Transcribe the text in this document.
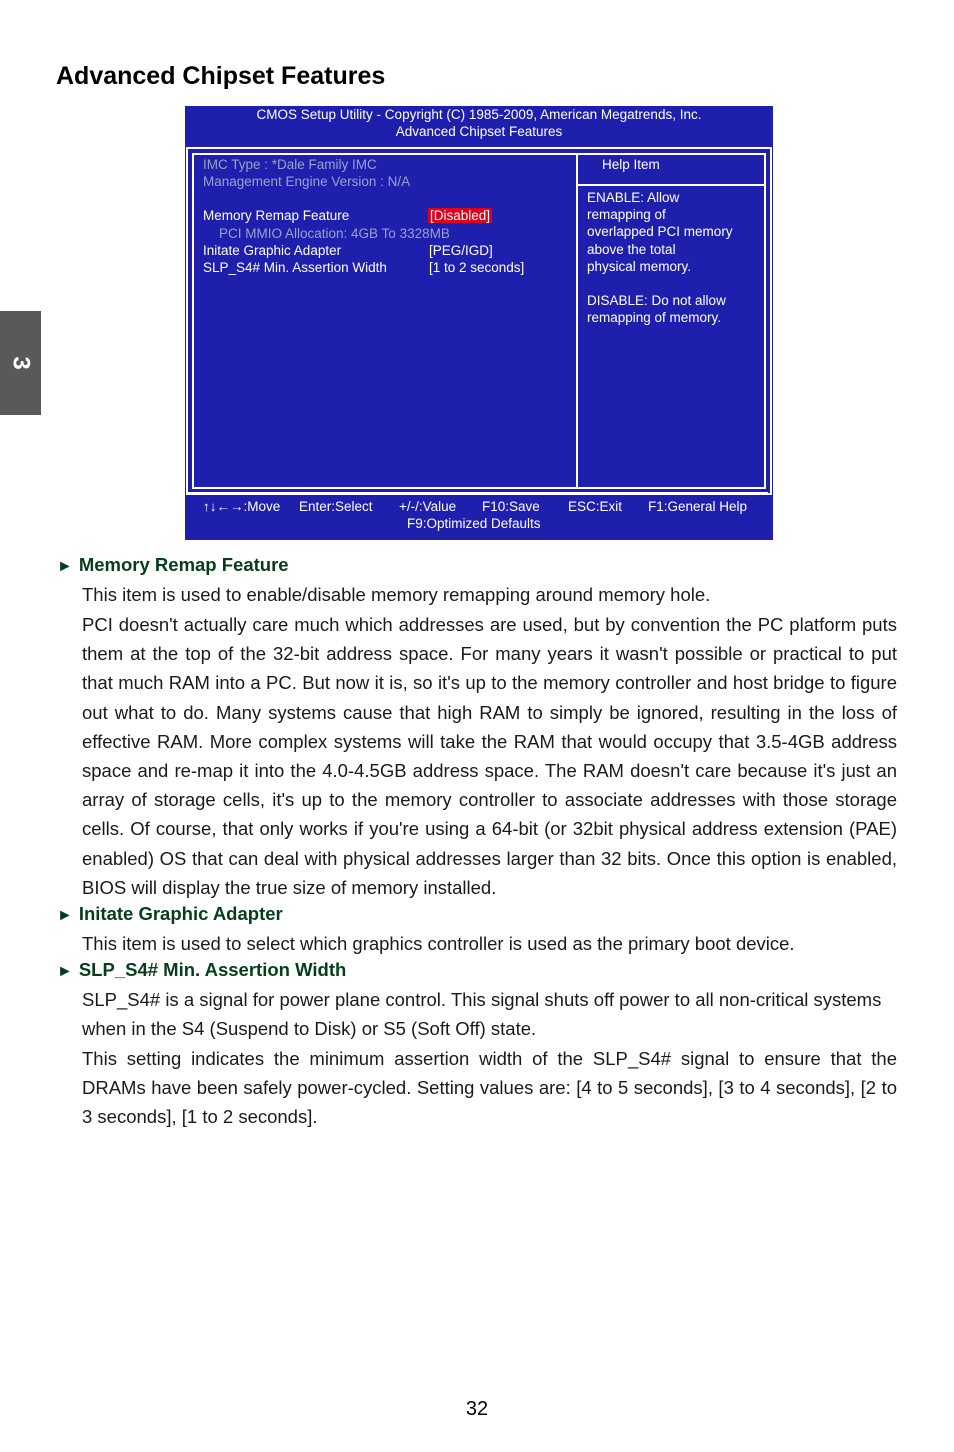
3
Advanced Chipset Features
CMOS Setup Utility - Copyright (C) 1985-2009, American Megatrends, Inc.
Advanced Chipset Features
IMC Type : *Dale Family IMC
Management Engine Version : N/A
Memory Remap Feature	[Disabled]
PCI MMIO Allocation: 4GB To 3328MB
Initate Graphic Adapter	[PEG/IGD]
SLP_S4# Min. Assertion Width	[1 to 2 seconds]
Help Item
ENABLE: Allow
remapping of
overlapped PCI memory
above the total
physical memory.

DISABLE: Do not allow
remapping of memory.
↑↓←→:Move Enter:Select +/-/:Value F10:Save ESC:Exit F1:General Help
F9:Optimized Defaults
► Memory Remap Feature
This item is used to enable/disable memory remapping around memory hole.
PCI doesn't actually care much which addresses are used, but by convention the PC platform puts them at the top of the 32-bit address space. For many years it wasn't possible or practical to put that much RAM into a PC. But now it is, so it's up to the memory controller and host bridge to figure out what to do. Many systems cause that high RAM to simply be ignored, resulting in the loss of effective RAM. More complex systems will take the RAM that would occupy that 3.5-4GB address space and re-map it into the 4.0-4.5GB address space. The RAM doesn't care because it's just an array of storage cells, it's up to the memory controller to associate addresses with those storage cells. Of course, that only works if you're using a 64-bit (or 32bit physical address extension (PAE) enabled) OS that can deal with physical addresses larger than 32 bits. Once this option is enabled, BIOS will display the true size of memory installed.
► Initate Graphic Adapter
This item is used to select which graphics controller is used as the primary boot device.
► SLP_S4# Min. Assertion Width
SLP_S4# is a signal for power plane control. This signal shuts off power to all non-critical systems when in the S4 (Suspend to Disk) or S5 (Soft Off) state.
This setting indicates the minimum assertion width of the SLP_S4# signal to ensure that the DRAMs have been safely power-cycled. Setting values are: [4 to 5 seconds], [3 to 4 seconds], [2 to 3 seconds], [1 to 2 seconds].
32
